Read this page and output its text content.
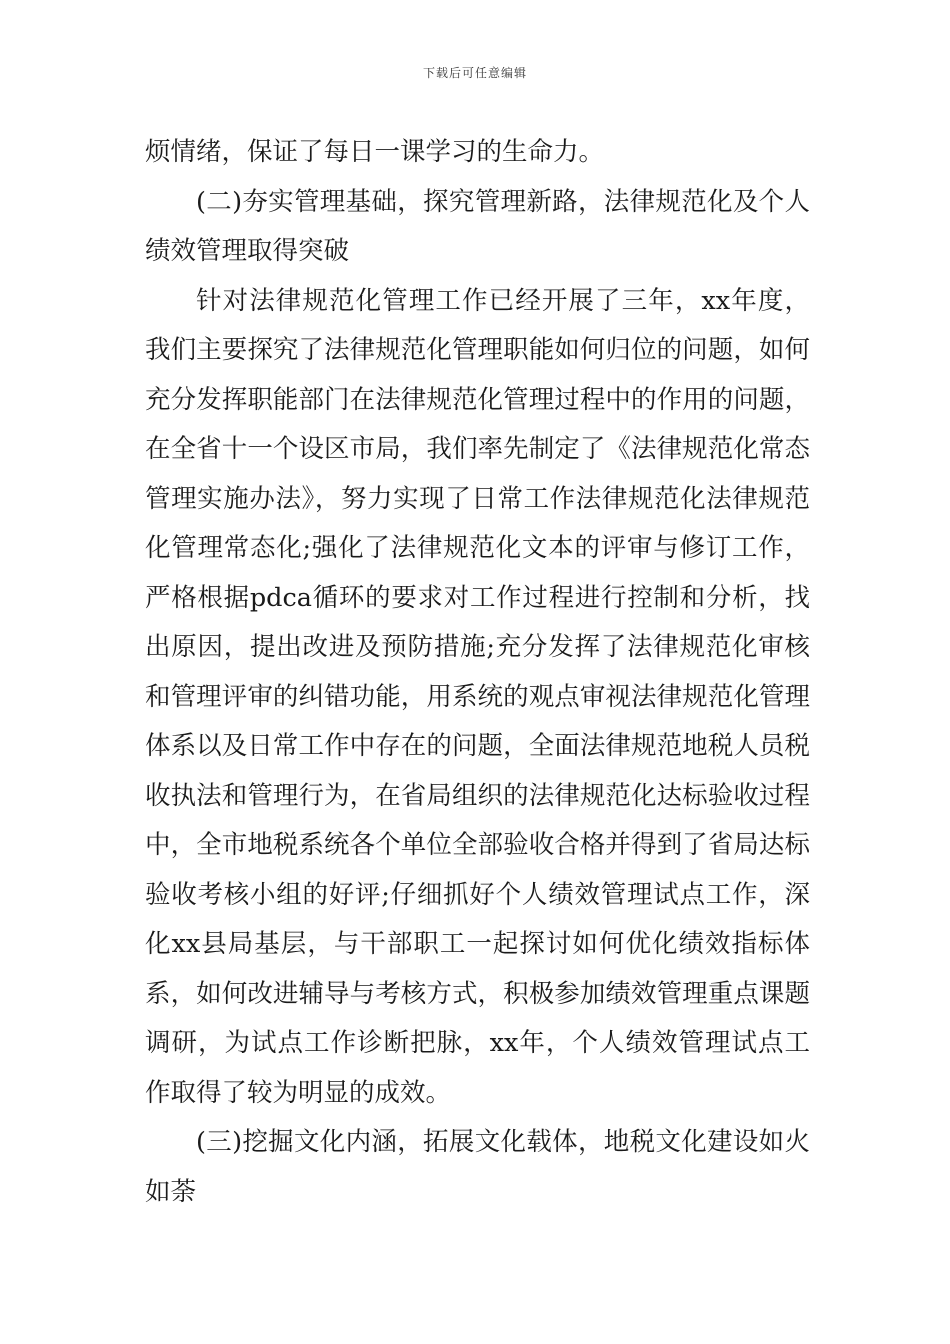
下载后可任意编辑

烦情绪，保证了每日一课学习的生命力。

(二)夯实管理基础，探究管理新路，法律规范化及个人绩效管理取得突破

针对法律规范化管理工作已经开展了三年，xx年度，我们主要探究了法律规范化管理职能如何归位的问题，如何充分发挥职能部门在法律规范化管理过程中的作用的问题，在全省十一个设区市局，我们率先制定了《法律规范化常态管理实施办法》，努力实现了日常工作法律规范化法律规范化管理常态化;强化了法律规范化文本的评审与修订工作，严格根据pdca循环的要求对工作过程进行控制和分析，找出原因，提出改进及预防措施;充分发挥了法律规范化审核和管理评审的纠错功能，用系统的观点审视法律规范化管理体系以及日常工作中存在的问题，全面法律规范地税人员税收执法和管理行为，在省局组织的法律规范化达标验收过程中，全市地税系统各个单位全部验收合格并得到了省局达标验收考核小组的好评;仔细抓好个人绩效管理试点工作，深化xx县局基层，与干部职工一起探讨如何优化绩效指标体系，如何改进辅导与考核方式，积极参加绩效管理重点课题调研，为试点工作诊断把脉，xx年，个人绩效管理试点工作取得了较为明显的成效。

(三)挖掘文化内涵，拓展文化载体，地税文化建设如火如荼
